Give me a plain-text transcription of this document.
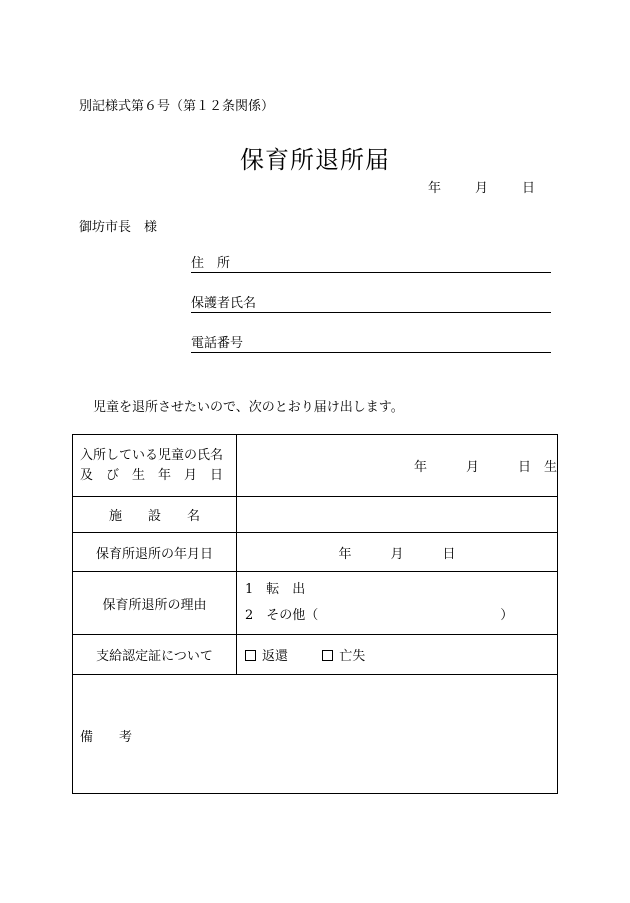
別記様式第６号（第１２条関係）
保育所退所届
年	月	日
御坊市長　様
住　所
保護者氏名
電話番号
児童を退所させたいので、次のとおり届け出します。
入所している児童の氏名
及　び　生　年　月　日	年　　　月　　　日　生
施　　設　　名	
保育所退所の年月日	年　　　月　　　日
保育所退所の理由	1　転　出
2　その他（　　　　　　　　　　　　　　）

支給認定証について	返還 亡失
備　　考	
